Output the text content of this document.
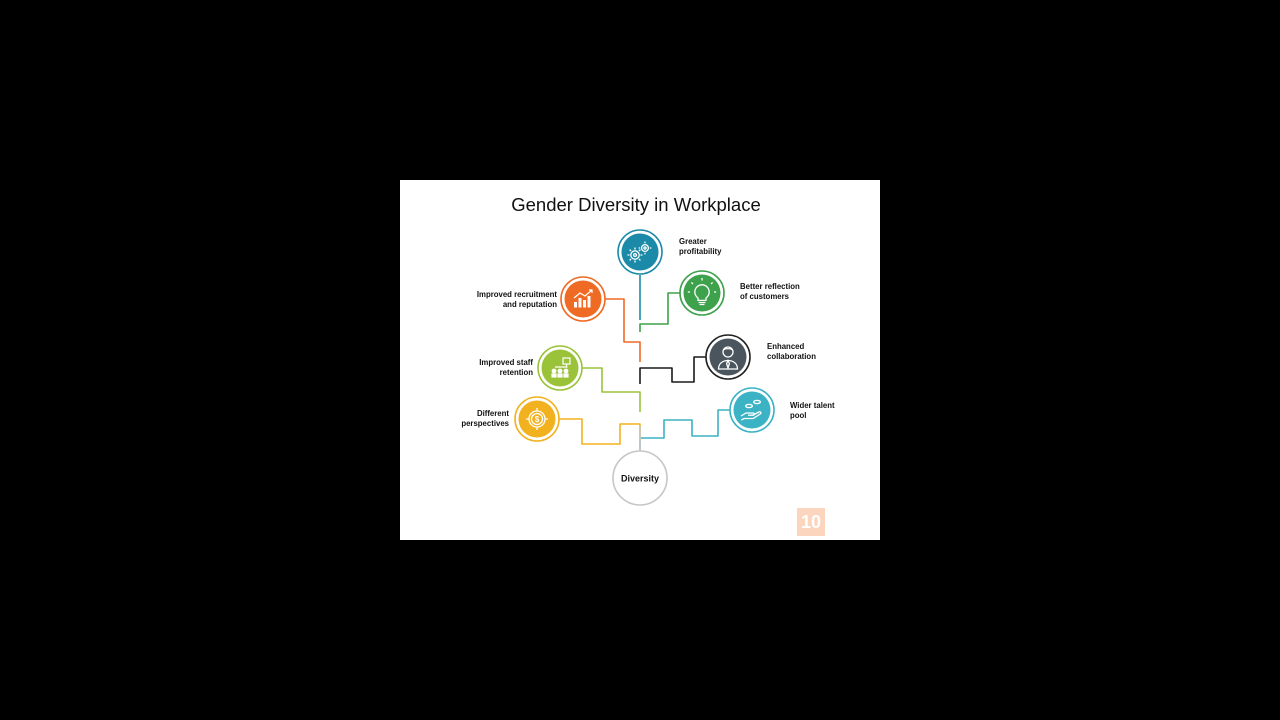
Gender Diversity in Workplace
Diversity
$
Greater
profitability
Better reflection
of customers
Enhanced
collaboration
Wider talent
pool
Improved recruitment
and reputation
Improved staff
retention
Different
perspectives
10
